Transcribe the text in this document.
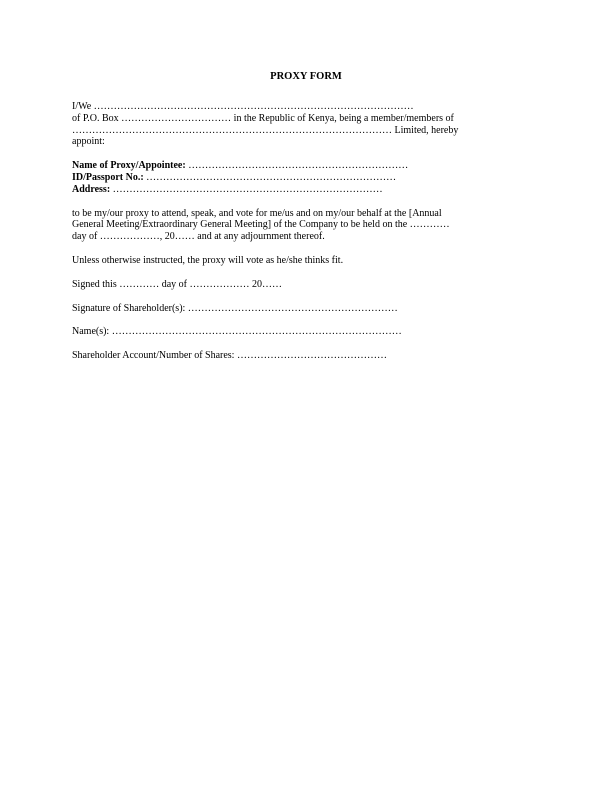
PROXY FORM

I/We ……………………………………………………………………………………
of P.O. Box …………………………… in the Republic of Kenya, being a member/members of
…………………………………………………………………………………… Limited, hereby
appoint:

Name of Proxy/Appointee: …………………………………………………………
ID/Passport No.: …………………………………………………………………
Address: ………………………………………………………………………

to be my/our proxy to attend, speak, and vote for me/us and on my/our behalf at the [Annual
General Meeting/Extraordinary General Meeting] of the Company to be held on the …………
day of ………………, 20…… and at any adjournment thereof.

Unless otherwise instructed, the proxy will vote as he/she thinks fit.

Signed this ………… day of ……………… 20……

Signature of Shareholder(s): ………………………………………………………

Name(s): ……………………………………………………………………………

Shareholder Account/Number of Shares: ………………………………………
